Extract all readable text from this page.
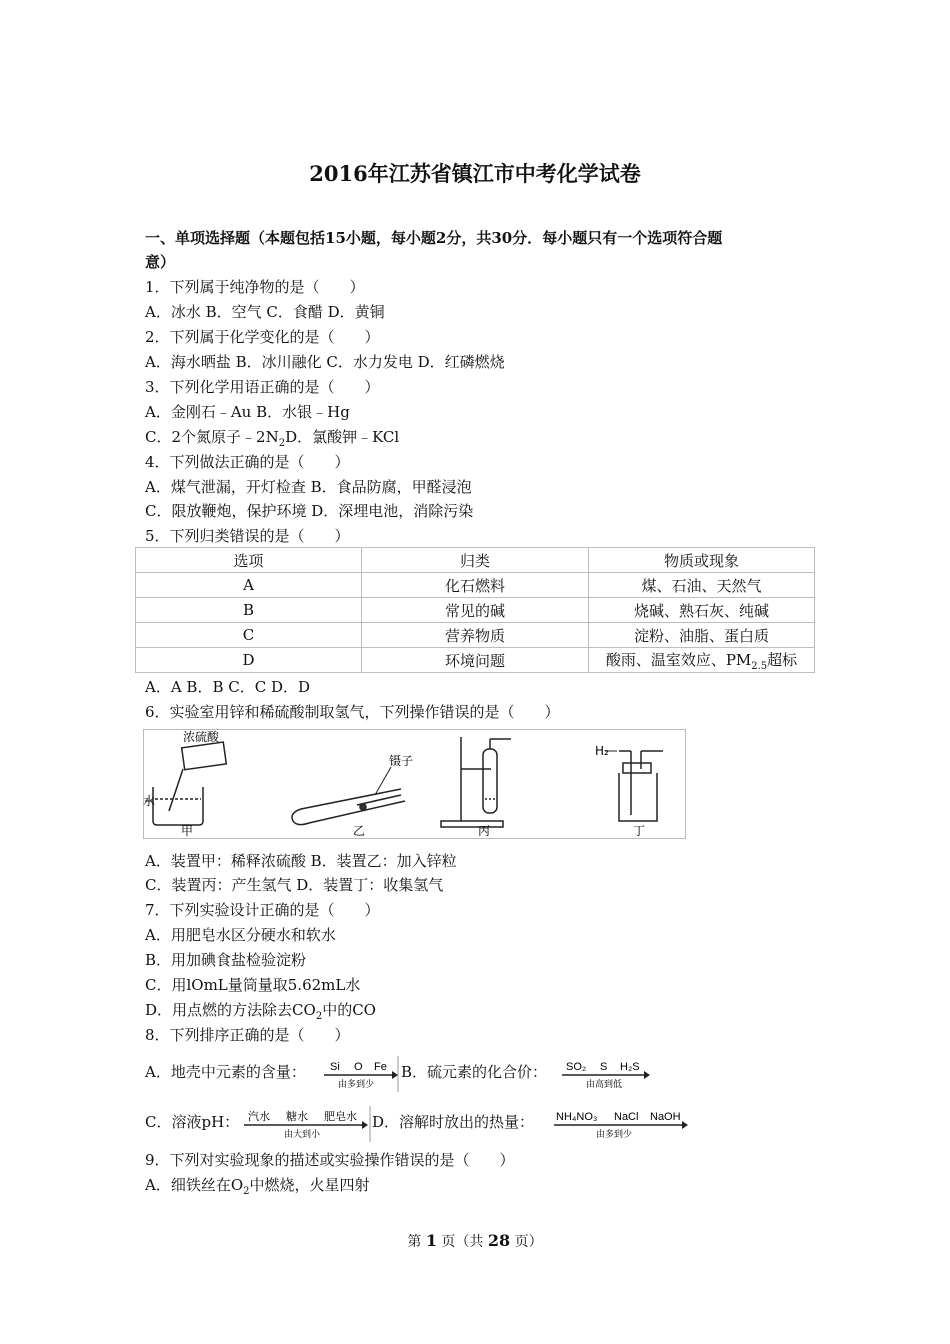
2016年江苏省镇江市中考化学试卷
一、单项选择题（本题包括15小题，每小题2分，共30分．每小题只有一个选项符合题
意）
1．下列属于纯净物的是（　　）
A．冰水 B．空气 C．食醋 D．黄铜
2．下列属于化学变化的是（　　）
A．海水晒盐 B．冰川融化 C．水力发电 D．红磷燃烧
3．下列化学用语正确的是（　　）
A．金刚石﹣Au B．水银﹣Hg
C．2个氮原子$﹣2N_2D$．氯酸钾﹣KCl
4．下列做法正确的是（　　）
A．煤气泄漏，开灯检查 B．食品防腐，甲醛浸泡
C．限放鞭炮，保护环境 D．深埋电池，消除污染
5．下列归类错误的是（　　）
选项	归类	物质或现象
A	化石燃料	煤、石油、天然气
B	常见的碱	烧碱、熟石灰、纯碱
C	营养物质	淀粉、油脂、蛋白质
D	环境问题	酸雨、温室效应、$PM_{2.5}$超标
A．A B．B C．C D．D
6．实验室用锌和稀硫酸制取氢气，下列操作错误的是（　　）
浓硫酸
水
甲
镊子
乙	丙
H₂
丁
A．装置甲：稀释浓硫酸 B．装置乙：加入锌粒
C．装置丙：产生氢气 D．装置丁：收集氢气
7．下列实验设计正确的是（　　）
A．用肥皂水区分硬水和软水
B．用加碘食盐检验淀粉
C．用lOmL量筒量取5.62mL水
D．用点燃的方法除去$CO_2$中的CO
8．下列排序正确的是（　　）
A．地壳中元素的含量： Si O Fe
由多到少
B．硫元素的化合价： SO₂ S H₂S
由高到低
C．溶液pH： 汽水 糖水 肥皂水
由大到小
D．溶解时放出的热量： NH₄NO₃ NaCl NaOH
由多到少
9．下列对实验现象的描述或实验操作错误的是（　　）
A．细铁丝在$O_2$中燃烧，火星四射
第 1 页（共 28 页）
